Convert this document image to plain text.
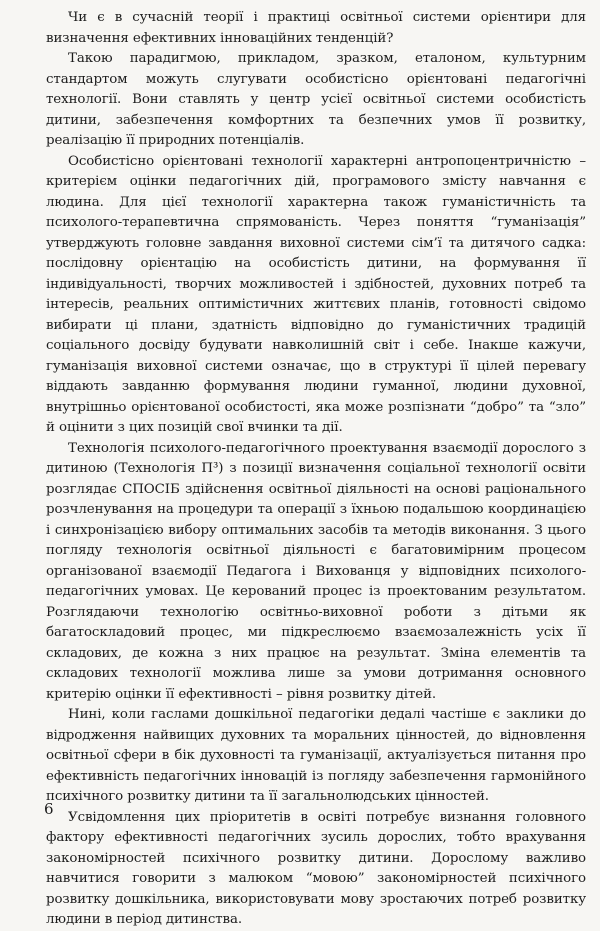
Чи є в сучасній теорії і практиці освітньої системи орієнтири для визначення ефективних інноваційних тенденцій?

Такою парадигмою, прикладом, зразком, еталоном, культурним стандартом можуть слугувати особистісно орієнтовані педагогічні технології. Вони ставлять у центр усієї освітньої системи особистість дитини, забезпечення комфортних та безпечних умов її розвитку, реалізацію її природних потенціалів.

Особистісно орієнтовані технології характерні антропоцентричністю – критерієм оцінки педагогічних дій, програмового змісту навчання є людина. Для цієї технології характерна також гуманістичність та психолого-терапевтична спрямованість. Через поняття “гуманізація” утверджують головне завдання виховної системи сім’ї та дитячого садка: послідовну орієнтацію на особистість дитини, на формування її індивідуальності, творчих можливостей і здібностей, духовних потреб та інтересів, реальних оптимістичних життєвих планів, готовності свідомо вибирати ці плани, здатність відповідно до гуманістичних традицій соціального досвіду будувати навколишній світ і себе. Інакше кажучи, гуманізація виховної системи означає, що в структурі її цілей перевагу віддають завданню формування людини гуманної, людини духовної, внутрішньо орієнтованої особистості, яка може розпізнати “добро” та “зло” й оцінити з цих позицій свої вчинки та дії.

Технологія психолого-педагогічного проектування взаємодії дорослого з дитиною (Технологія П³) з позиції визначення соціальної технології освіти розглядає СПОСІБ здійснення освітньої діяльності на основі раціонального розчленування на процедури та операції з їхньою подальшою координацією і синхронізацією вибору оптимальних засобів та методів виконання. З цього погляду технологія освітньої діяльності є багатовимірним процесом організованої взаємодії Педагога і Вихованця у відповідних психолого-педагогічних умовах. Це керований процес із проектованим результатом. Розглядаючи технологію освітньо-виховної роботи з дітьми як багатоскладовий процес, ми підкреслюємо взаємозалежність усіх її складових, де кожна з них працює на результат. Зміна елементів та складових технології можлива лише за умови дотримання основного критерію оцінки її ефективності – рівня розвитку дітей.

Нині, коли гаслами дошкільної педагогіки дедалі частіше є заклики до відродження найвищих духовних та моральних цінностей, до відновлення освітньої сфери в бік духовності та гуманізації, актуалізується питання про ефективність педагогічних інновацій із погляду забезпечення гармонійного психічного розвитку дитини та її загальнолюдських цінностей.

Усвідомлення цих пріоритетів в освіті потребує визнання головного фактору ефективності педагогічних зусиль дорослих, тобто врахування закономірностей психічного розвитку дитини. Дорослому важливо навчитися говорити з малюком “мовою” закономірностей психічного розвитку дошкільника, використовувати мову зростаючих потреб розвитку людини в період дитинства.

6
